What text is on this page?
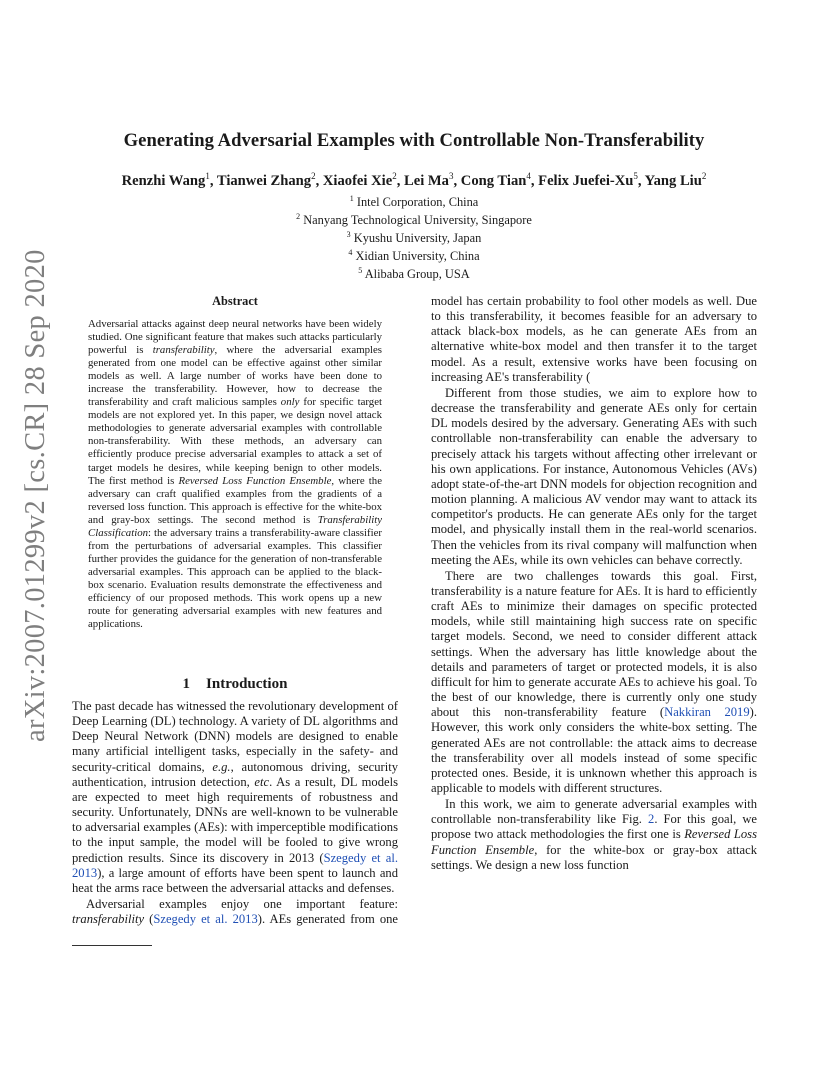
arXiv:2007.01299v2 [cs.CR] 28 Sep 2020
Generating Adversarial Examples with Controllable Non-Transferability
Renzhi Wang$^1$, Tianwei Zhang$^2$, Xiaofei Xie$^2$, Lei Ma$^3$, Cong Tian$^4$, Felix Juefei-Xu$^5$, Yang Liu$^2$
$^1$ Intel Corporation, China
$^2$ Nanyang Technological University, Singapore
$^3$ Kyushu University, Japan
$^4$ Xidian University, China
$^5$ Alibaba Group, USA
Abstract

Adversarial attacks against deep neural networks have been widely studied. One significant feature that makes such attacks particularly powerful is transferability, where the adversarial examples generated from one model can be effective against other similar models as well. A large number of works have been done to increase the transferability. However, how to decrease the transferability and craft malicious samples only for specific target models are not explored yet. In this paper, we design novel attack methodologies to generate adversarial examples with controllable non-transferability. With these methods, an adversary can efficiently produce precise adversarial examples to attack a set of target models he desires, while keeping benign to other models. The first method is Reversed Loss Function Ensemble, where the adversary can craft qualified examples from the gradients of a reversed loss function. This approach is effective for the white-box and gray-box settings. The second method is Transferability Classification: the adversary trains a transferability-aware classifier from the perturbations of adversarial examples. This classifier further provides the guidance for the generation of non-transferable adversarial examples. This approach can be applied to the black-box scenario. Evaluation results demonstrate the effectiveness and efficiency of our proposed methods. This work opens up a new route for generating adversarial examples with new features and applications.

1 Introduction

The past decade has witnessed the revolutionary development of Deep Learning (DL) technology. A variety of DL algorithms and Deep Neural Network (DNN) models are designed to enable many artificial intelligent tasks, especially in the safety- and security-critical domains, e.g., autonomous driving, security authentication, intrusion detection, etc. As a result, DL models are expected to meet high requirements of robustness and security. Unfortunately, DNNs are well-known to be vulnerable to adversarial examples (AEs): with imperceptible modifications to the input sample, the model will be fooled to give wrong prediction results. Since its discovery in 2013 (Szegedy et al. 2013), a large amount of efforts have been spent to launch and heat the arms race between the adversarial attacks and defenses.

Adversarial examples enjoy one important feature: transferability (Szegedy et al. 2013). AEs generated from one

model has certain probability to fool other models as well. Due to this transferability, it becomes feasible for an adversary to attack black-box models, as he can generate AEs from an alternative white-box model and then transfer it to the target model. As a result, extensive works have been focusing on increasing AE's transferability (

Different from those studies, we aim to explore how to decrease the transferability and generate AEs only for certain DL models desired by the adversary. Generating AEs with such controllable non-transferability can enable the adversary to precisely attack his targets without affecting other irrelevant or his own applications. For instance, Autonomous Vehicles (AVs) adopt state-of-the-art DNN models for objection recognition and motion planning. A malicious AV vendor may want to attack its competitor's products. He can generate AEs only for the target model, and physically install them in the real-world scenarios. Then the vehicles from its rival company will malfunction when meeting the AEs, while its own vehicles can behave correctly.

There are two challenges towards this goal. First, transferability is a nature feature for AEs. It is hard to efficiently craft AEs to minimize their damages on specific protected models, while still maintaining high success rate on specific target models. Second, we need to consider different attack settings. When the adversary has little knowledge about the details and parameters of target or protected models, it is also difficult for him to generate accurate AEs to achieve his goal. To the best of our knowledge, there is currently only one study about this non-transferability feature (Nakkiran 2019). However, this work only considers the white-box setting. The generated AEs are not controllable: the attack aims to decrease the transferability over all models instead of some specific protected ones. Beside, it is unknown whether this approach is applicable to models with different structures.

In this work, we aim to generate adversarial examples with controllable non-transferability like Fig. 2. For this goal, we propose two attack methodologies the first one is Reversed Loss Function Ensemble, for the white-box or gray-box attack settings. We design a new loss function
